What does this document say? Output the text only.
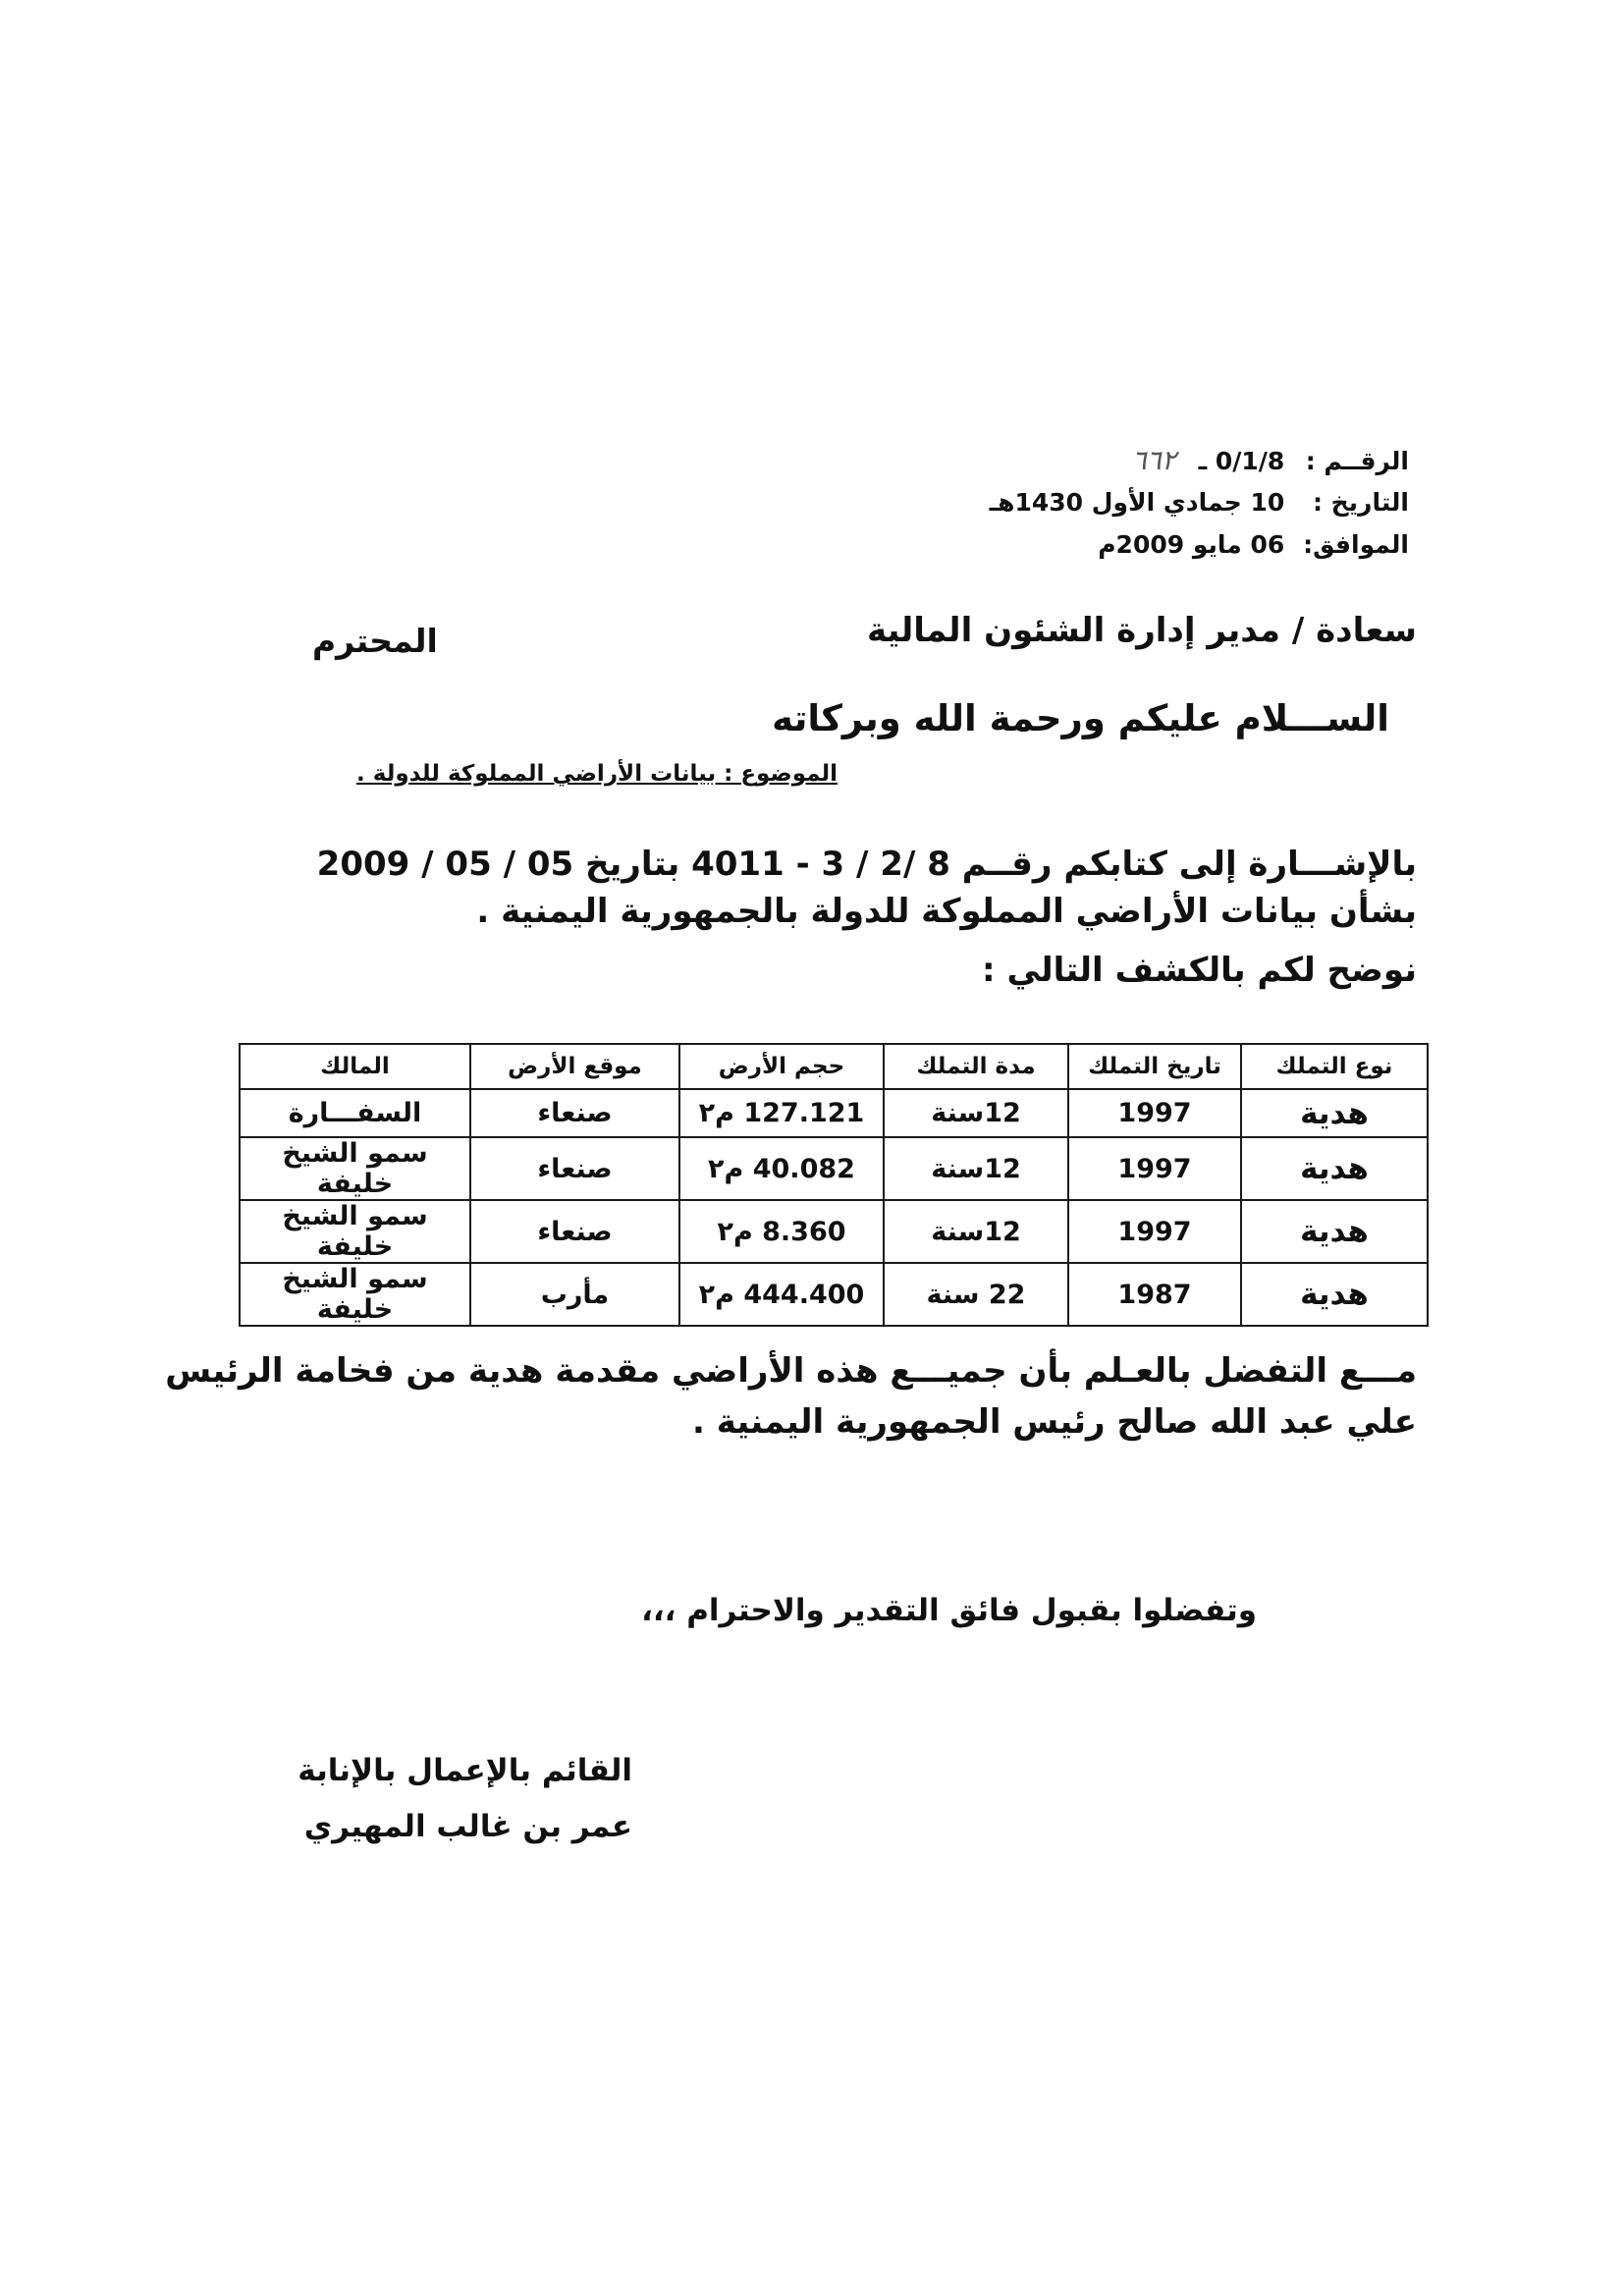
الرقــم : 0/1/8 ـ ٦٦٢
التاريخ : 10 جمادي الأول 1430هـ
الموافق: 06 مايو 2009م
سعادة / مدير إدارة الشئون المالية
المحترم
الســـلام عليكم ورحمة الله وبركاته
الموضوع : بيانات الأراضي المملوكة للدولة .
بالإشـــارة إلى كتابكم رقــم 8 /2 / 3 - 4011 بتاريخ 05 / 05 / 2009
بشأن بيانات الأراضي المملوكة للدولة بالجمهورية اليمنية .
نوضح لكم بالكشف التالي :
نوع التملك	تاريخ التملك	مدة التملك	حجم الأرض	موقع الأرض	المالك
هدية	1997	12سنة	127.121 م٢	صنعاء	السفـــارة
هدية	1997	12سنة	40.082 م٢	صنعاء	سمو الشيخ خليفة
هدية	1997	12سنة	8.360 م٢	صنعاء	سمو الشيخ خليفة
هدية	1987	22 سنة	444.400 م٢	مأرب	سمو الشيخ خليفة
مـــع التفضل بالعـلم بأن جميـــع هذه الأراضي مقدمة هدية من فخامة الرئيس
علي عبد الله صالح رئيس الجمهورية اليمنية .
وتفضلوا بقبول فائق التقدير والاحترام ،،،
القائم بالإعمال بالإنابة
عمر بن غالب المهيري
